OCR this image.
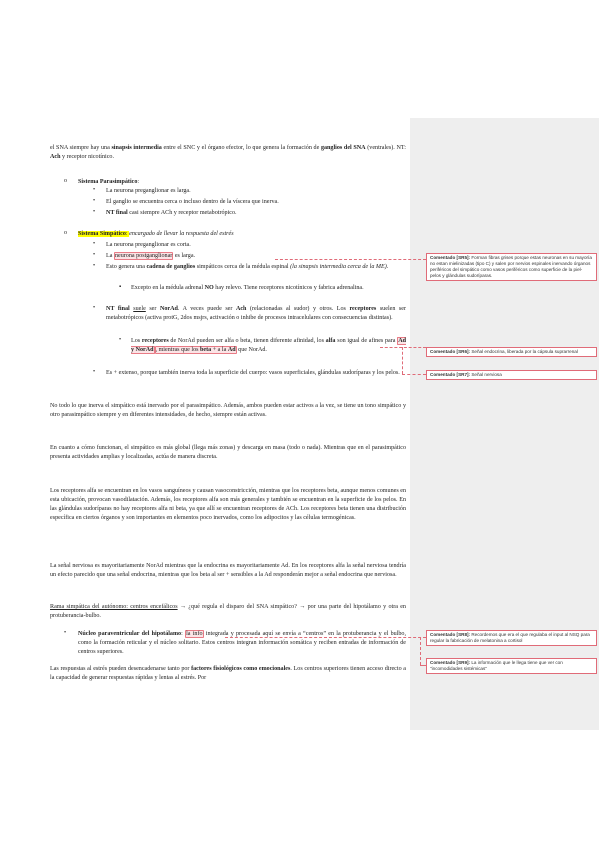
el SNA siempre hay una sinapsis intermedia entre el SNC y el órgano efector, lo que genera la formación de ganglios del SNA (ventrales). NT: Ach y receptor nicotínico.
o Sistema Parasimpático:
• La neurona preganglionar es larga.
• El ganglio se encuentra cerca o incluso dentro de la víscera que inerva.
• NT final casi siempre ACh y receptor metabotrópico.
o Sistema Simpático: encargado de llevar la respuesta del estrés
• La neurona preganglionar es corta.
• La neurona postganglionar es larga.
• Esto genera una cadena de ganglios simpáticos cerca de la médula espinal (la sinapsis intermedia cerca de la ME).
▪ Excepto en la médula adrenal NO hay relevo. Tiene receptores nicotínicos y fabrica adrenalina.
• NT final suele ser NorAd. A veces puede ser Ach (relacionadas al sudor) y otros. Los receptores suelen ser metabotrópicos (activa protG, 2dos msjrs, activación o inhibe de procesos intracelulares con consecuencias distintas).
• Los receptores de NorAd pueden ser alfa o beta, tienen diferente afinidad, los alfa son igual de afines para Ad y NorAd , mientras que los beta + a la Ad que NorAd.
• Es + extenso, porque también inerva toda la superficie del cuerpo: vasos superficiales, glándulas sudoríparas y los pelos.
No todo lo que inerva el simpático está inervado por el parasimpático. Además, ambos pueden estar activos a la vez, se tiene un tono simpático y otro parasimpático siempre y en diferentes intensidades, de hecho, siempre están activas.
En cuanto a cómo funcionan, el simpático es más global (llega más zonas) y descarga en masa (todo o nada). Mientras que en el parasimpático presenta actividades amplias y localizadas, actúa de manera discreta.
Los receptores alfa se encuentran en los vasos sanguíneos y causan vasoconstricción, mientras que los receptores beta, aunque menos comunes en esta ubicación, provocan vasodilatación. Además, los receptores alfa son más generales y también se encuentran en la superficie de los pelos. En las glándulas sudoríparas no hay receptores alfa ni beta, ya que allí se encuentran receptores de ACh. Los receptores beta tienen una distribución específica en ciertos órganos y son importantes en elementos poco inervados, como los adipocitos y las células termogénicas.
La señal nerviosa es mayoritariamente NorAd mientras que la endocrina es mayoritariamente Ad. En los receptores alfa la señal nerviosa tendría un efecto parecido que una señal endocrina, mientras que los beta al ser + sensibles a la Ad responderán mejor a señal endocrina que nerviosa.
Rama simpática del autónomo: centros encefálicos → ¿qué regula el disparo del SNA simpático? → por una parte del hipotálamo y otra en protuberancia-bulbo.
• Núcleo paraventricular del hipotálamo: la info integrada y procesada aquí se envía a “centros” en la protuberancia y el bulbo, como la formación reticular y el núcleo solitario. Estos centros integran información somática y reciben entradas de información de centros superiores.
Las respuestas al estrés pueden desencadenarse tanto por factores fisiológicos como emocionales. Los centros superiores tienen acceso directo a la capacidad de generar respuestas rápidas y lentas al estrés. Por
Comentado [SR5]: Forman fibras grises porque estas neuronas en su mayoría no estan mielinizadas (tipo C) y salen por nervios espinales inervando órganos periféricos del simpático como vasos periféricos como superficie de la piel- pelos y glándulas sudoríparas.
Comentado [SR6]: Señal endocrina, liberada por la cápsula suprarrenal
Comentado [SR7]: Señal nerviosa
Comentado [SR8]: Recordemos que era el que regulaba el input al NSQ para regular la fabricación de melatonina a cortisol
Comentado [SR9]: La información que le llega tiene que ver con "incomodidades sistémicas"
